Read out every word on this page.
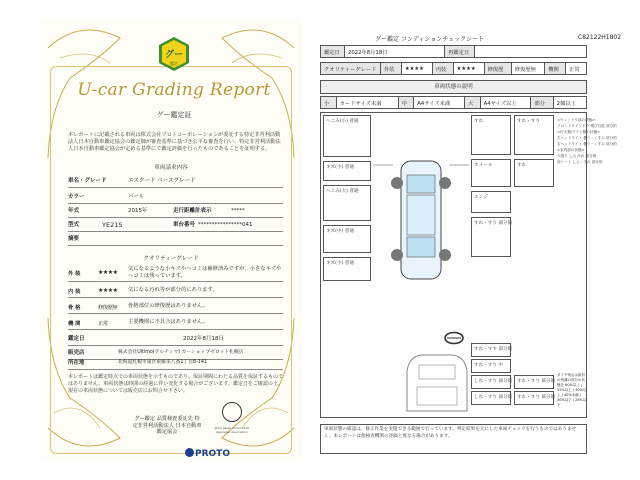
グー
鑑定
U-car Grading Report
グー鑑定証
本レポートに記載される車両は株式会社プロトコーポレーションが委託する特定非営利活動法人日本自動車鑑定協会の鑑定師が審査基準に基づき公平な審査を行い、特定非営利活動法人日本自動車鑑定協会が定める基準にて鑑定評価を行ったものであることを証明する。
車両請求内容
車名・グレード	エスクード ベースグレード
カラー	パール
年式	2015年	走行距離計表示	*****
型式	YE21S	車台番号 ****************041
摘要
クオリティーグレード
外 装	★★★★ 気になるような小キズやヘコミは補修済みですが、小さなキズやヘコミは残っています。
内 装	★★★★ 気になる汚れ等が部分的にあります。
骨 格	修復歴無 骨格部位の修復歴はありません。
機 関	正常	主要機関に不具合はありません。
鑑定日	2022年8月18日
販売店	株式会社Ultimo(アルティマ) カーショップゼロット札幌店
所在地	北海道札幌市東区東雁来八条1丁目8-141
本レポートは鑑定時点での車両状態を示すものであり、保証期間にわたる品質を保証するものではありません。車両状態は時間の経過に伴い変化する場合がございます。鑑定日をご確認の上、現在の車両状態については販売店にお問合せ下さい。
グー鑑定 品質検査委託先 特定非営利活動法人 日本自動車鑑定協会
JAAA Japan Automobile Appraisal Association
PROTO
グー鑑定 コンディションチェックシート	C82122H1802
鑑定日	2022年8月18日	再鑑定日	
クオリティーグレード	外装	★★★★	内装	★★★★	修復歴	修復歴無	機関	正常
車両状態の説明
小	カードサイズ未満	中	A4サイズ未満	大	A4サイズ以上	部分	2個以上
へこみ(小) 普通
キズ(小) 普通
へこみ(大) 普通
キズ(中) 普通
キズ(小) 普通
すれ	すれ・すり
すれ
ホイール
エンジ
すれ・すり 部分的
<ウィンドウ部の状態>
フロントウインドウ 飛び石痕 部分的
<灯火類/ライト類の状態>
左ヘッドライト 曇り・くすみ 部分的
右ヘッドライト 曇り・くすみ 部分的
<室内部の状態>
天張り しみ 汚れ 部分的
前シート しみ・すれ 部分的
すれ・すす 部分的
すれ・すり 中
しれ・すり 部分的 すれ・すり 部分的
しれ・すり 部分的 すれ・すり 部分的
タイヤ残山は最初の残溝の部分の状態を 60%以上 / 55%以上 / 40%以上 / 40%未満 / 30%以下 / 28%以下
車両状態の確認は、修正作業を実施できる範囲で行っています。判定結果を元にした車両チェックを行うものではありません。本レポートは他検査機関の評価と異なる場合があります。
